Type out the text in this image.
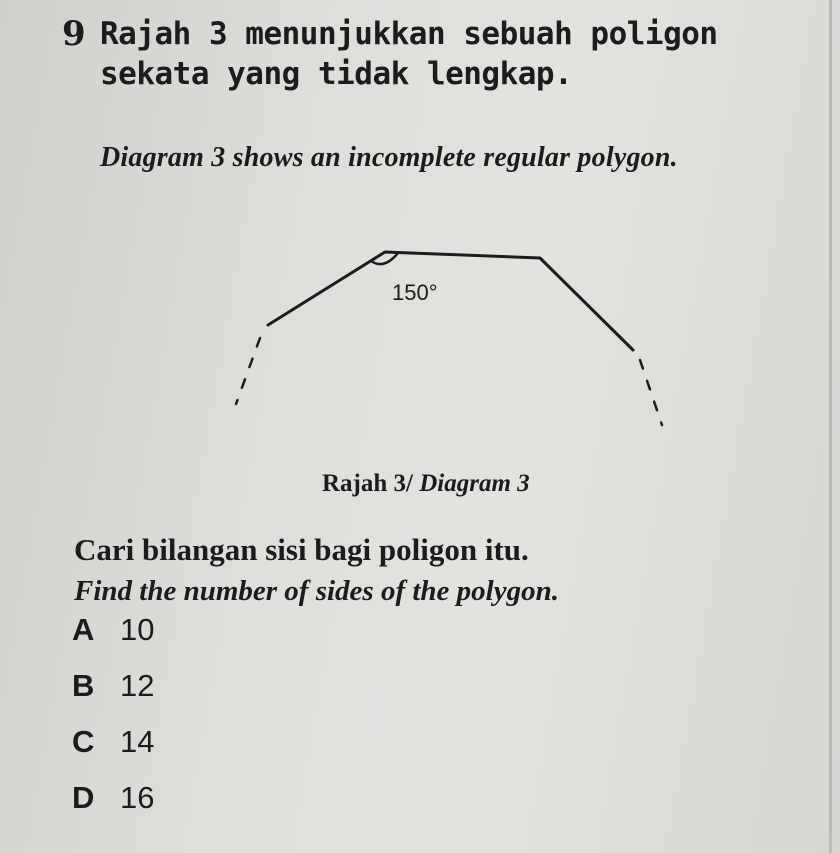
9 Rajah 3 menunjukkan sebuah poligon sekata yang tidak lengkap.
Diagram 3 shows an incomplete regular polygon.
150°
Rajah 3/ Diagram 3
Cari bilangan sisi bagi poligon itu.
Find the number of sides of the polygon.
A 10
B 12
C 14
D 16
